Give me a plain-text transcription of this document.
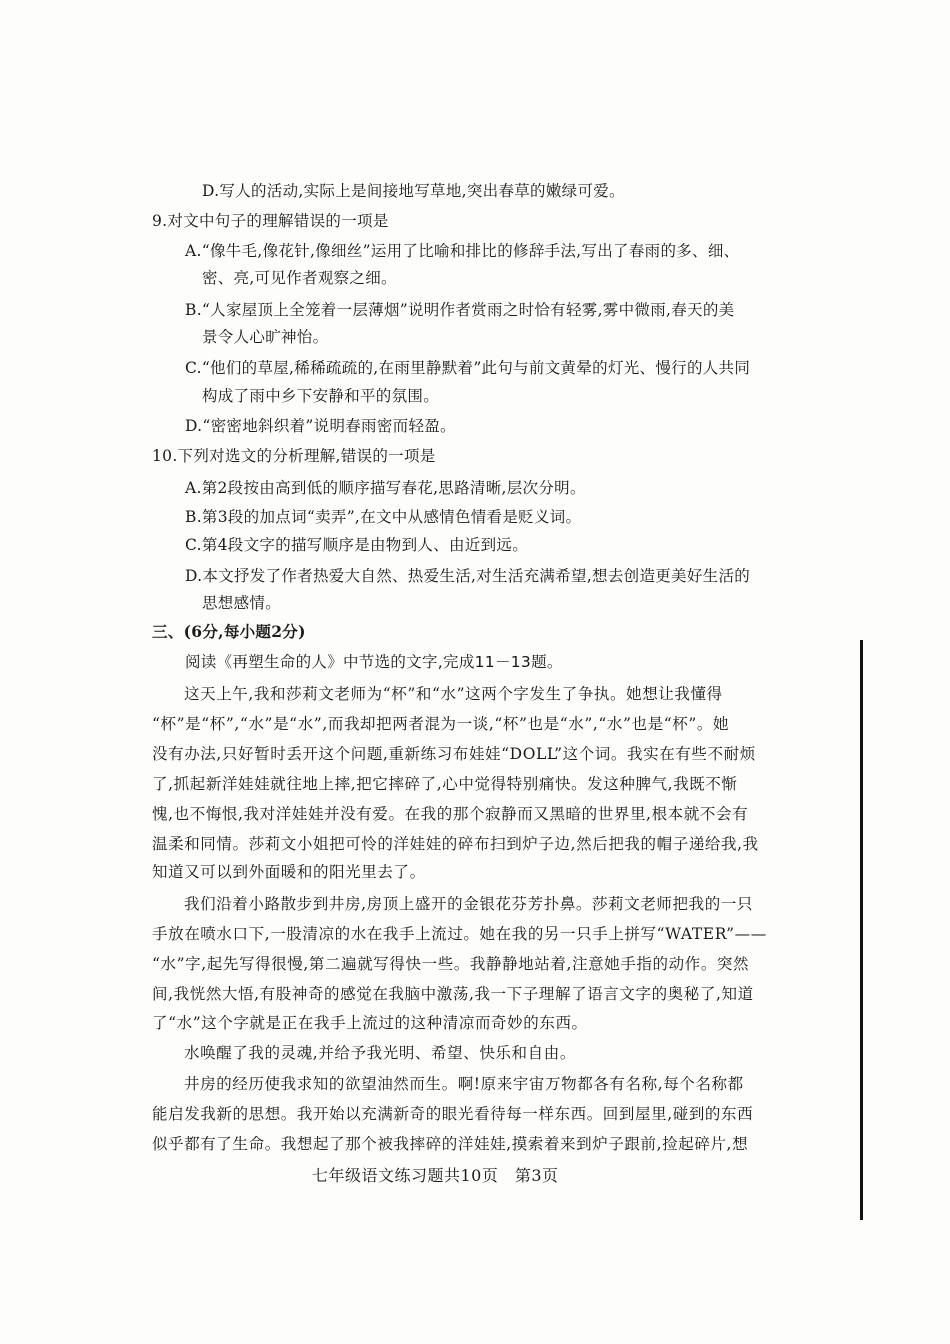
D.写人的活动,实际上是间接地写草地,突出春草的嫩绿可爱。
9.对文中句子的理解错误的一项是
A.“像牛毛,像花针,像细丝”运用了比喻和排比的修辞手法,写出了春雨的多、细、
密、亮,可见作者观察之细。
B.“人家屋顶上全笼着一层薄烟”说明作者赏雨之时恰有轻雾,雾中微雨,春天的美
景令人心旷神怡。
C.“他们的草屋,稀稀疏疏的,在雨里静默着”此句与前文黄晕的灯光、慢行的人共同
构成了雨中乡下安静和平的氛围。
D.“密密地斜织着”说明春雨密而轻盈。
10.下列对选文的分析理解,错误的一项是
A.第2段按由高到低的顺序描写春花,思路清晰,层次分明。
B.第3段的加点词“卖弄”,在文中从感情色情看是贬义词。
C.第4段文字的描写顺序是由物到人、由近到远。
D.本文抒发了作者热爱大自然、热爱生活,对生活充满希望,想去创造更美好生活的
思想感情。
三、(6分,每小题2分)
阅读《再塑生命的人》中节选的文字,完成11－13题。
这天上午,我和莎莉文老师为“杯”和“水”这两个字发生了争执。她想让我懂得
“杯”是“杯”,“水”是“水”,而我却把两者混为一谈,“杯”也是“水”,“水”也是“杯”。她
没有办法,只好暂时丢开这个问题,重新练习布娃娃“DOLL”这个词。我实在有些不耐烦
了,抓起新洋娃娃就往地上摔,把它摔碎了,心中觉得特别痛快。发这种脾气,我既不惭
愧,也不悔恨,我对洋娃娃并没有爱。在我的那个寂静而又黑暗的世界里,根本就不会有
温柔和同情。莎莉文小姐把可怜的洋娃娃的碎布扫到炉子边,然后把我的帽子递给我,我
知道又可以到外面暖和的阳光里去了。
我们沿着小路散步到井房,房顶上盛开的金银花芬芳扑鼻。莎莉文老师把我的一只
手放在喷水口下,一股清凉的水在我手上流过。她在我的另一只手上拼写“WATER”——
“水”字,起先写得很慢,第二遍就写得快一些。我静静地站着,注意她手指的动作。突然
间,我恍然大悟,有股神奇的感觉在我脑中激荡,我一下子理解了语言文字的奥秘了,知道
了“水”这个字就是正在我手上流过的这种清凉而奇妙的东西。
水唤醒了我的灵魂,并给予我光明、希望、快乐和自由。
井房的经历使我求知的欲望油然而生。啊!原来宇宙万物都各有名称,每个名称都
能启发我新的思想。我开始以充满新奇的眼光看待每一样东西。回到屋里,碰到的东西
似乎都有了生命。我想起了那个被我摔碎的洋娃娃,摸索着来到炉子跟前,捡起碎片,想
七年级语文练习题共10页　第3页
